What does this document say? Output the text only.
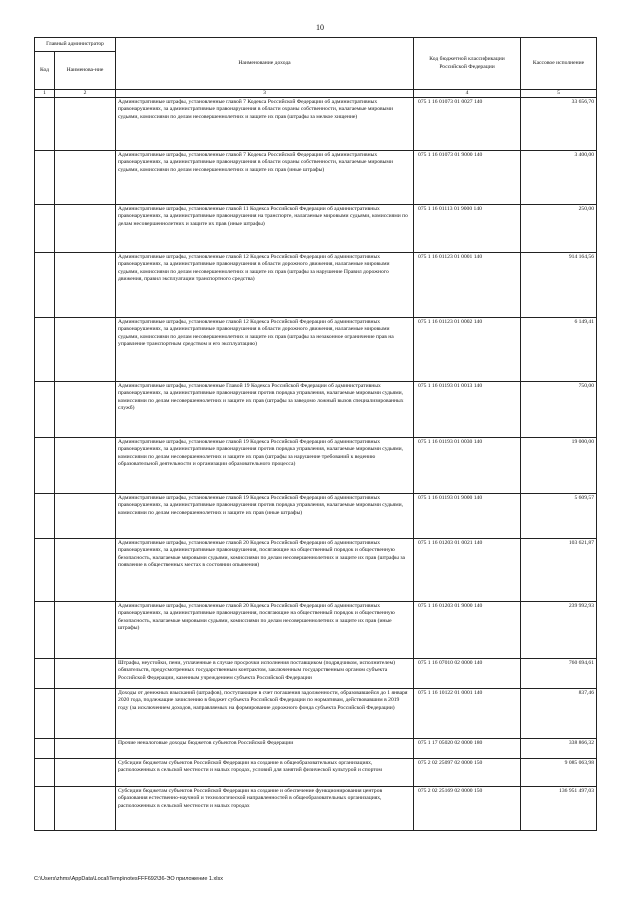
10
Главный администратор		Наименование дохода	Код бюджетной классификации Российской Федерации	Кассовое исполнение
Код	Наименова-ние			
1	2	3	4	5
		Административные штрафы, установленные главой 7 Кодекса Российской Федерации об административных правонарушениях, за административные правонарушения в области охраны собственности, налагаемые мировыми судьями, комиссиями по делам несовершеннолетних и защите их прав (штрафы за мелкое хищение)	075 1 16 01073 01 0027 140	33 656,70
		Административные штрафы, установленные главой 7 Кодекса Российской Федерации об административных правонарушениях, за административные правонарушения в области охраны собственности, налагаемые мировыми судьями, комиссиями по делам несовершеннолетних и защите их прав (иные штрафы)	075 1 16 01073 01 9000 140	3 400,00
		Административные штрафы, установленные главой 11 Кодекса Российской Федерации об административных правонарушениях, за административные правонарушения на транспорте, налагаемые мировыми судьями, комиссиями по делам несовершеннолетних и защите их прав (иные штрафы)	075 1 16 01113 01 9000 140	250,00
		Административные штрафы, установленные главой 12 Кодекса Российской Федерации об административных правонарушениях, за административные правонарушения в области дорожного движения, налагаемые мировыми судьями, комиссиями по делам несовершеннолетних и защите их прав (штрафы за нарушение Правил дорожного движения, правил эксплуатации транспортного средства)	075 1 16 01123 01 0001 140	914 164,56
		Административные штрафы, установленные главой 12 Кодекса Российской Федерации об административных правонарушениях, за административные правонарушения в области дорожного движения, налагаемые мировыми судьями, комиссиями по делам несовершеннолетних и защите их прав (штрафы за незаконное ограничение прав на управление транспортным средством и его эксплуатацию)	075 1 16 01123 01 0002 140	6 149,41
		Административные штрафы, установленные Главой 19 Кодекса Российской Федерации об административных правонарушениях, за административные правонарушения против порядка управления, налагаемые мировыми судьями, комиссиями по делам несовершеннолетних и защите их прав (штрафы за заведомо ложный вызов специализированных служб)	075 1 16 01193 01 0013 140	750,00
		Административные штрафы, установленные главой 19 Кодекса Российской Федерации об административных правонарушениях, за административные правонарушения против порядка управления, налагаемые мировыми судьями, комиссиями по делам несовершеннолетних и защите их прав (штрафы за нарушение требований к ведению образовательной деятельности и организации образовательного процесса)	075 1 16 01193 01 0030 140	19 000,00
		Административные штрафы, установленные главой 19 Кодекса Российской Федерации об административных правонарушениях, за административные правонарушения против порядка управления, налагаемые мировыми судьями, комиссиями по делам несовершеннолетних и защите их прав (иные штрафы)	075 1 16 01193 01 9000 140	5 609,57
		Административные штрафы, установленные главой 20 Кодекса Российской Федерации об административных правонарушениях, за административные правонарушения, посягающие на общественный порядок и общественную безопасность, налагаемые мировыми судьями, комиссиями по делам несовершеннолетних и защите их прав (штрафы за появление в общественных местах в состоянии опьянения)	075 1 16 01203 01 0021 140	103 621,87
		Административные штрафы, установленные главой 20 Кодекса Российской Федерации об административных правонарушениях, за административные правонарушения, посягающие на общественный порядок и общественную безопасность, налагаемые мировыми судьями, комиссиями по делам несовершеннолетних и защите их прав (иные штрафы)	075 1 16 01203 01 9000 140	239 992,93
		Штрафы, неустойки, пени, уплаченные в случае просрочки исполнения поставщиком (подрядчиком, исполнителем) обязательств, предусмотренных государственным контрактом, заключенным государственным органом субъекта Российской Федерации, казенным учреждением субъекта Российской Федерации	075 1 16 07010 02 0000 140	760 694,61
		Доходы от денежных взысканий (штрафов), поступающие в счет погашения задолженности, образовавшейся до 1 января 2020 года, подлежащие зачислению в бюджет субъекта Российской Федерации по нормативам, действовавшим в 2019 году (за исключением доходов, направляемых на формирование дорожного фонда субъекта Российской Федерации)	075 1 16 10122 01 0001 140	837,46
		Прочие неналоговые доходы бюджетов субъектов Российской Федерации	075 1 17 05020 02 0000 180	338 866,32
		Субсидии бюджетам субъектов Российской Федерации на создание в общеобразовательных организациях, расположенных в сельской местности и малых городах, условий для занятий физической культурой и спортом	075 2 02 25097 02 0000 150	9 085 063,98
		Субсидии бюджетам субъектов Российской Федерации на создание и обеспечение функционирования центров образования естественно-научной и технологической направленностей в общеобразовательных организациях, расположенных в сельской местности и малых городах	075 2 02 25169 02 0000 150	136 951 497,03
C:\Users\zhms\AppData\Local\Temp\notesFFF692\36-ЭО приложение 1.xlsx
